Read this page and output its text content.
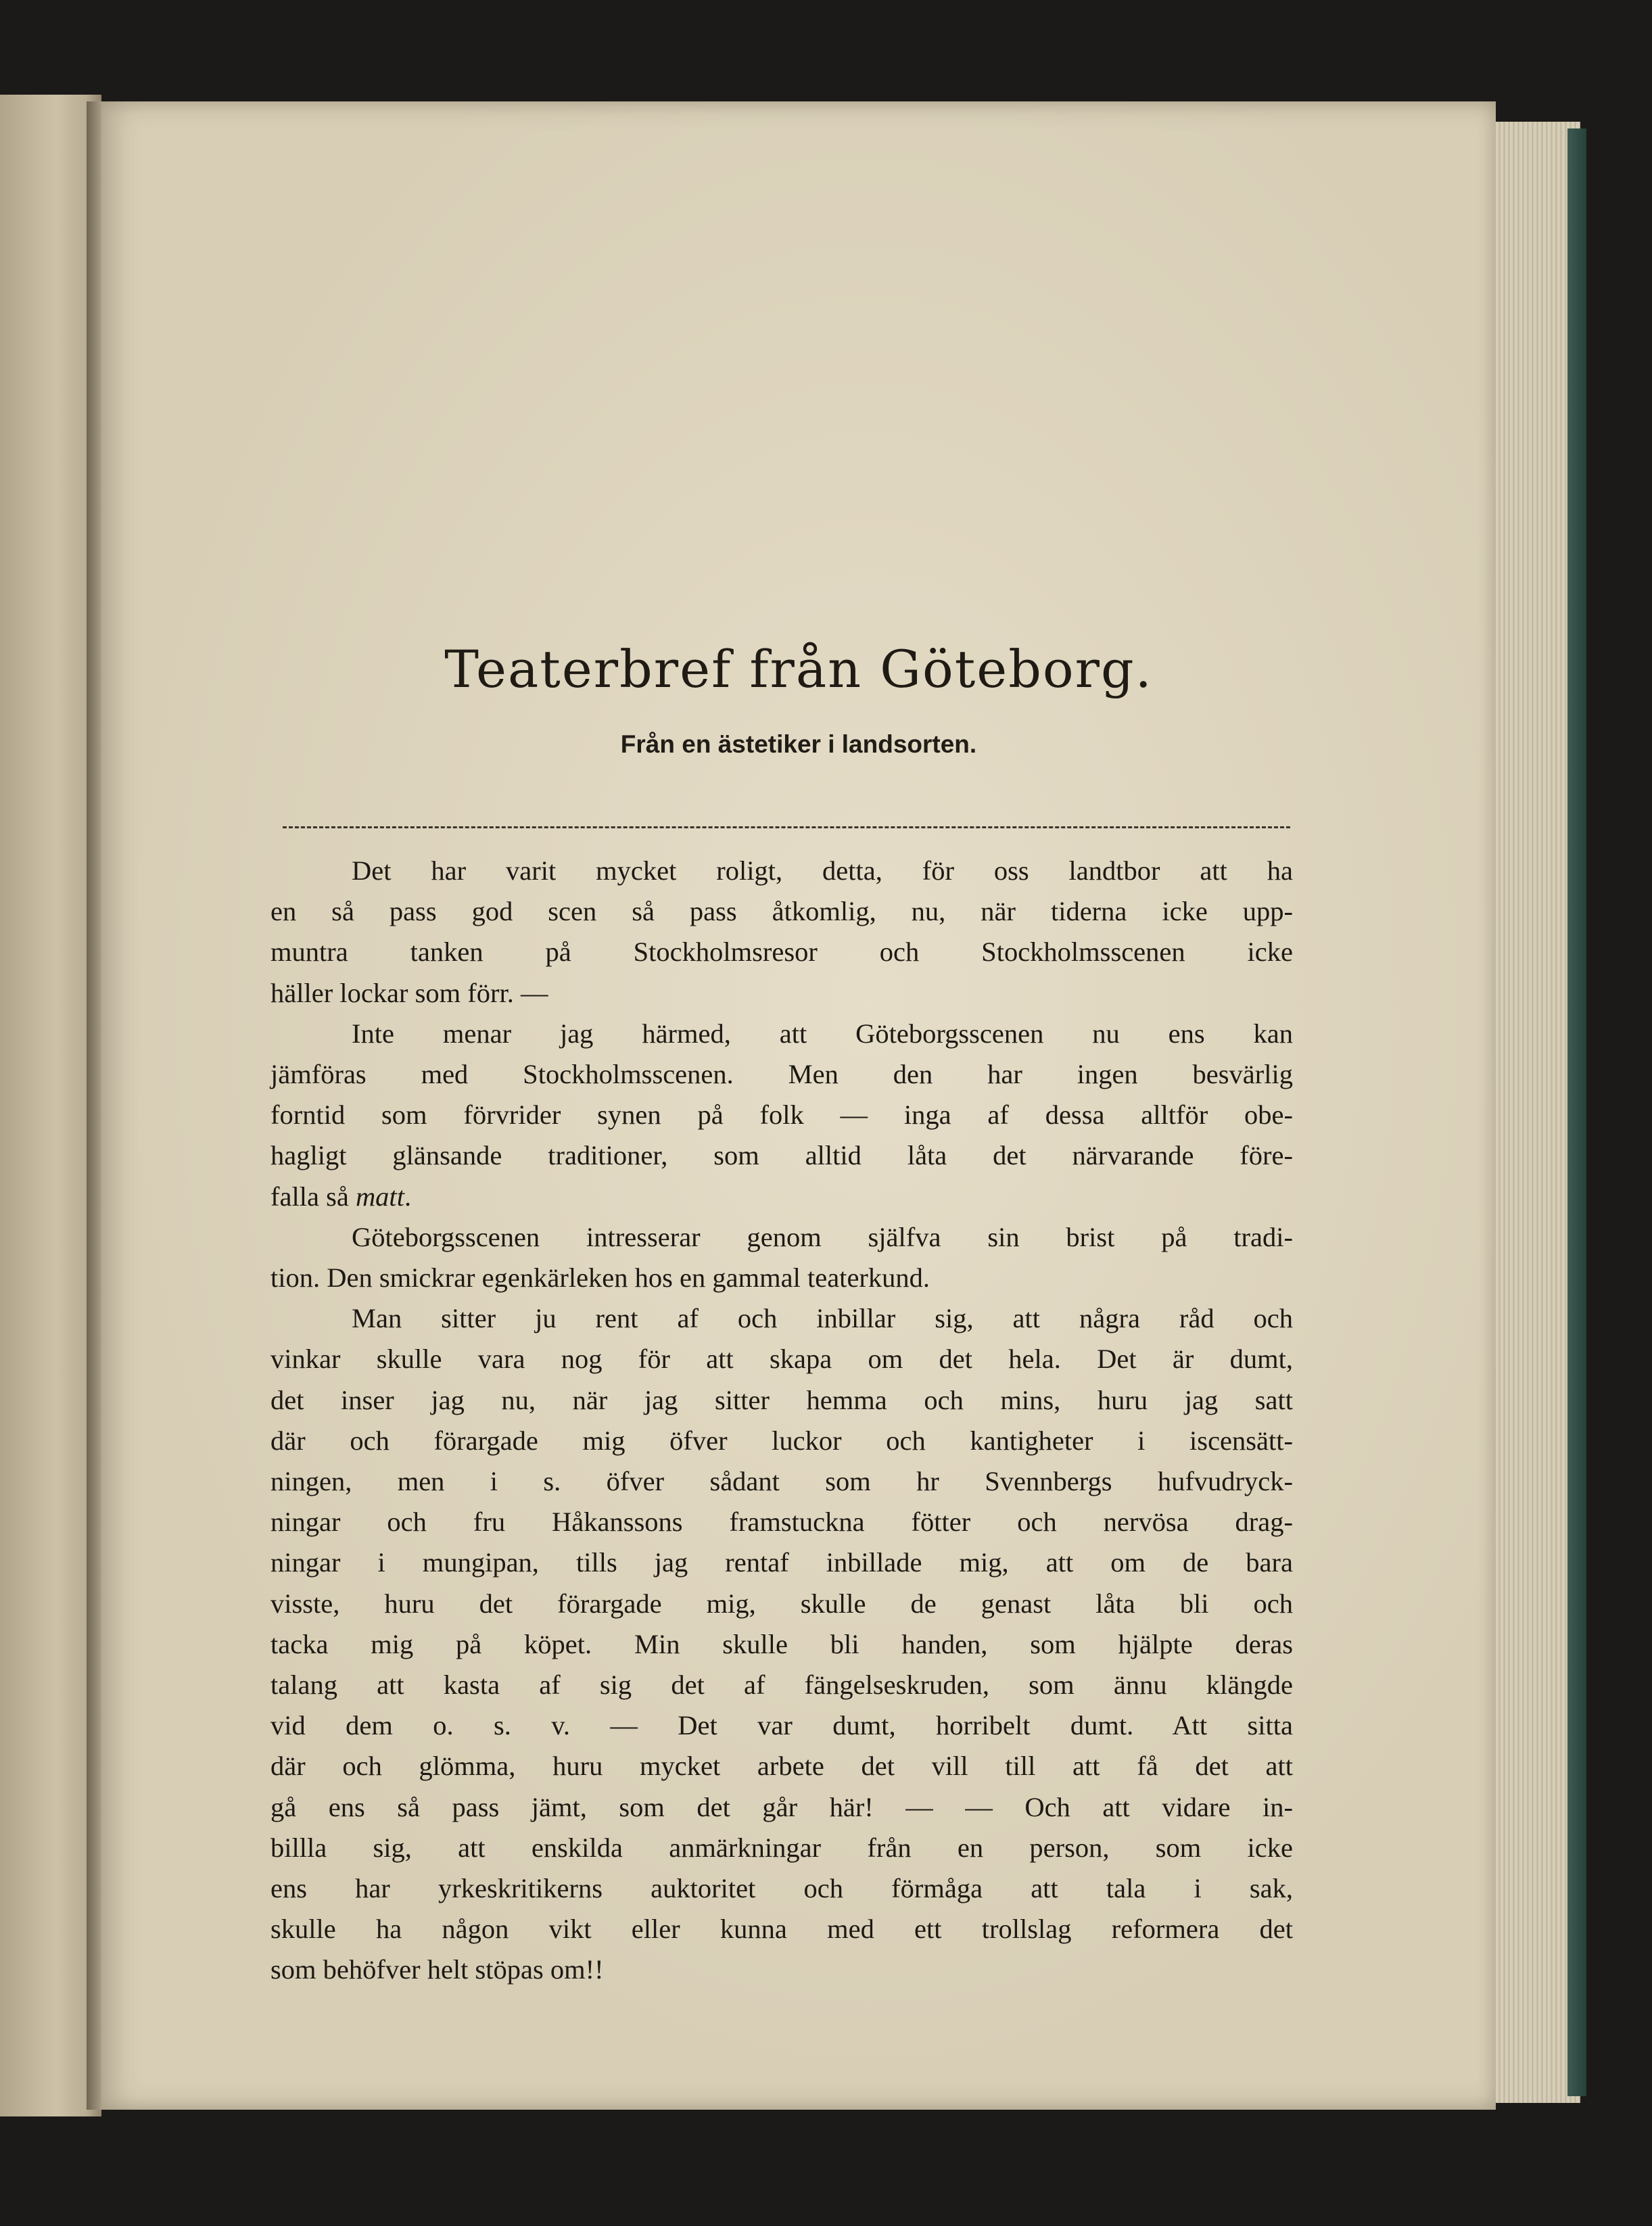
Teaterbref från Göteborg.
Från en ästetiker i landsorten.
Det har varit mycket roligt, detta, för oss landtbor att ha
en så pass god scen så pass åtkomlig, nu, när tiderna icke upp-
muntra tanken på Stockholmsresor och Stockholmsscenen icke
häller lockar som förr. —
Inte menar jag härmed, att Göteborgsscenen nu ens kan
jämföras med Stockholmsscenen. Men den har ingen besvärlig
forntid som förvrider synen på folk — inga af dessa alltför obe-
hagligt glänsande traditioner, som alltid låta det närvarande före-
falla så matt.
Göteborgsscenen intresserar genom själfva sin brist på tradi-
tion. Den smickrar egenkärleken hos en gammal teaterkund.
Man sitter ju rent af och inbillar sig, att några råd och
vinkar skulle vara nog för att skapa om det hela. Det är dumt,
det inser jag nu, när jag sitter hemma och mins, huru jag satt
där och förargade mig öfver luckor och kantigheter i iscensätt-
ningen, men i s. öfver sådant som hr Svennbergs hufvudryck-
ningar och fru Håkanssons framstuckna fötter och nervösa drag-
ningar i mungipan, tills jag rentaf inbillade mig, att om de bara
visste, huru det förargade mig, skulle de genast låta bli och
tacka mig på köpet. Min skulle bli handen, som hjälpte deras
talang att kasta af sig det af fängelseskruden, som ännu klängde
vid dem o. s. v. — Det var dumt, horribelt dumt. Att sitta
där och glömma, huru mycket arbete det vill till att få det att
gå ens så pass jämt, som det går här! — — Och att vidare in-
billla sig, att enskilda anmärkningar från en person, som icke
ens har yrkeskritikerns auktoritet och förmåga att tala i sak,
skulle ha någon vikt eller kunna med ett trollslag reformera det
som behöfver helt stöpas om!!
